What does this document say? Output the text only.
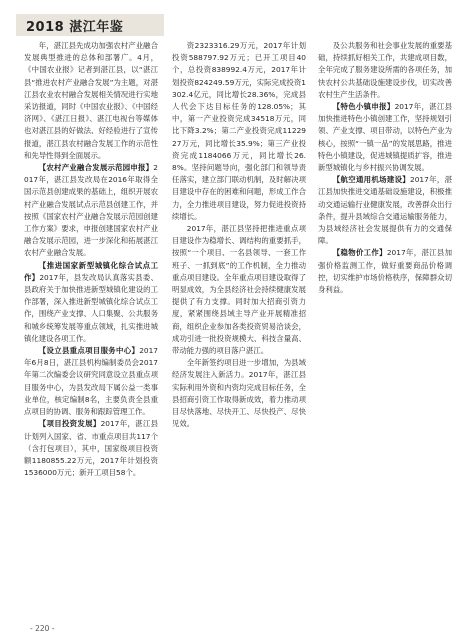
2018 湛江年鉴

年，湛江县先成功加强农村产业融合发展典型推进的总体和部署广。4月，《中国农业报》记者到湛江县，以“湛江县“推进农村产业融合发展”为主题，对湛江县农业农村融合发展相关情况进行实地采访报道，同时《中国农业报》、《中国经济网》、《湛江日报》、湛江电视台等媒体也对湛江县的好做法、好经验进行了宣传报道，湛江县农村融合发展工作的示范性和先导性得到全面展示。

【农村产业融合发展示范园申报】2017年，湛江县发改局在2016年取得全国示范县创建成果的基础上，组织开展农村产业融合发展试点示范县创建工作，并按照《国家农村产业融合发展示范园创建工作方案》要求，申报创建国家农村产业融合发展示范园，进一步深化和拓展湛江农村产业融合发展。

【推进国家新型城镇化综合试点工作】2017年，县发改局认真落实县委、县政府关于加快推进新型城镇化建设的工作部署，深入推进新型城镇化综合试点工作，围绕产业支撑、人口集聚、公共服务和城乡统筹发展等重点领域，扎实推进城镇化建设各项工作。

【设立县重点项目服务中心】2017年6月8日，湛江县机构编制委员会2017年第二次编委会议研究同意设立县重点项目服务中心，为县发改局下属公益一类事业单位，核定编制8名，主要负责全县重点项目的协调、服务和跟踪管理工作。

【项目投资发展】2017年，湛江县计划列入国家、省、市重点项目共117个（含打包项目），其中，国家级项目投资额1180855.22万元，2017年计划投资1536000万元；新开工项目58个。

资2323316.29万元，2017年计划投资588797.92万元；已开工项目40个，总投资838992.4万元，2017年计划投资824249.59万元，实际完成投资1302.4亿元，同比增长28.36%，完成县人代会下达目标任务的128.05%；其中，第一产业投资完成34518万元，同比下降3.2%；第二产业投资完成1122927万元，同比增长35.9%；第三产业投资完成1184066万元，同比增长26.8%。坚持问题导向，强化部门和领导责任落实，建立部门联动机制，及时解决项目建设中存在的困难和问题，形成工作合力，全力推进项目建设，努力促进投资持续增长。

2017年，湛江县坚持把推进重点项目建设作为稳增长、调结构的重要抓手，按照“一个项目、一名县领导、一套工作班子、一抓到底”的工作机制，全力推动重点项目建设。全年重点项目建设取得了明显成效，为全县经济社会持续健康发展提供了有力支撑。同时加大招商引资力度，紧紧围绕县域主导产业开展精准招商，组织企业参加各类投资贸易洽谈会，成功引进一批投资规模大、科技含量高、带动能力强的项目落户湛江。

全年新签约项目进一步增加，为县域经济发展注入新活力。2017年，湛江县实际利用外资和内资均完成目标任务，全县招商引资工作取得新成效，着力推动项目尽快落地、尽快开工、尽快投产、尽快见效。

及公共服务和社会事业发展的重要基础，持续抓好相关工作，共建成项目数，全年完成了服务建设所需的各项任务，加快农村公共基础设施建设步伐，切实改善农村生产生活条件。

【特色小镇申报】2017年，湛江县加快推进特色小镇创建工作，坚持规划引领、产业支撑、项目带动，以特色产业为核心，按照“一镇一品”的发展思路，推进特色小镇建设，促进城镇提质扩容，推进新型城镇化与乡村振兴协调发展。

【航空通用机场建设】2017年，湛江县加快推进交通基础设施建设，积极推动交通运输行业健康发展，改善群众出行条件，提升县域综合交通运输服务能力，为县域经济社会发展提供有力的交通保障。

【稳物价工作】2017年，湛江县加强价格监测工作，做好重要商品价格调控，切实维护市场价格秩序，保障群众切身利益。

- 220 -
